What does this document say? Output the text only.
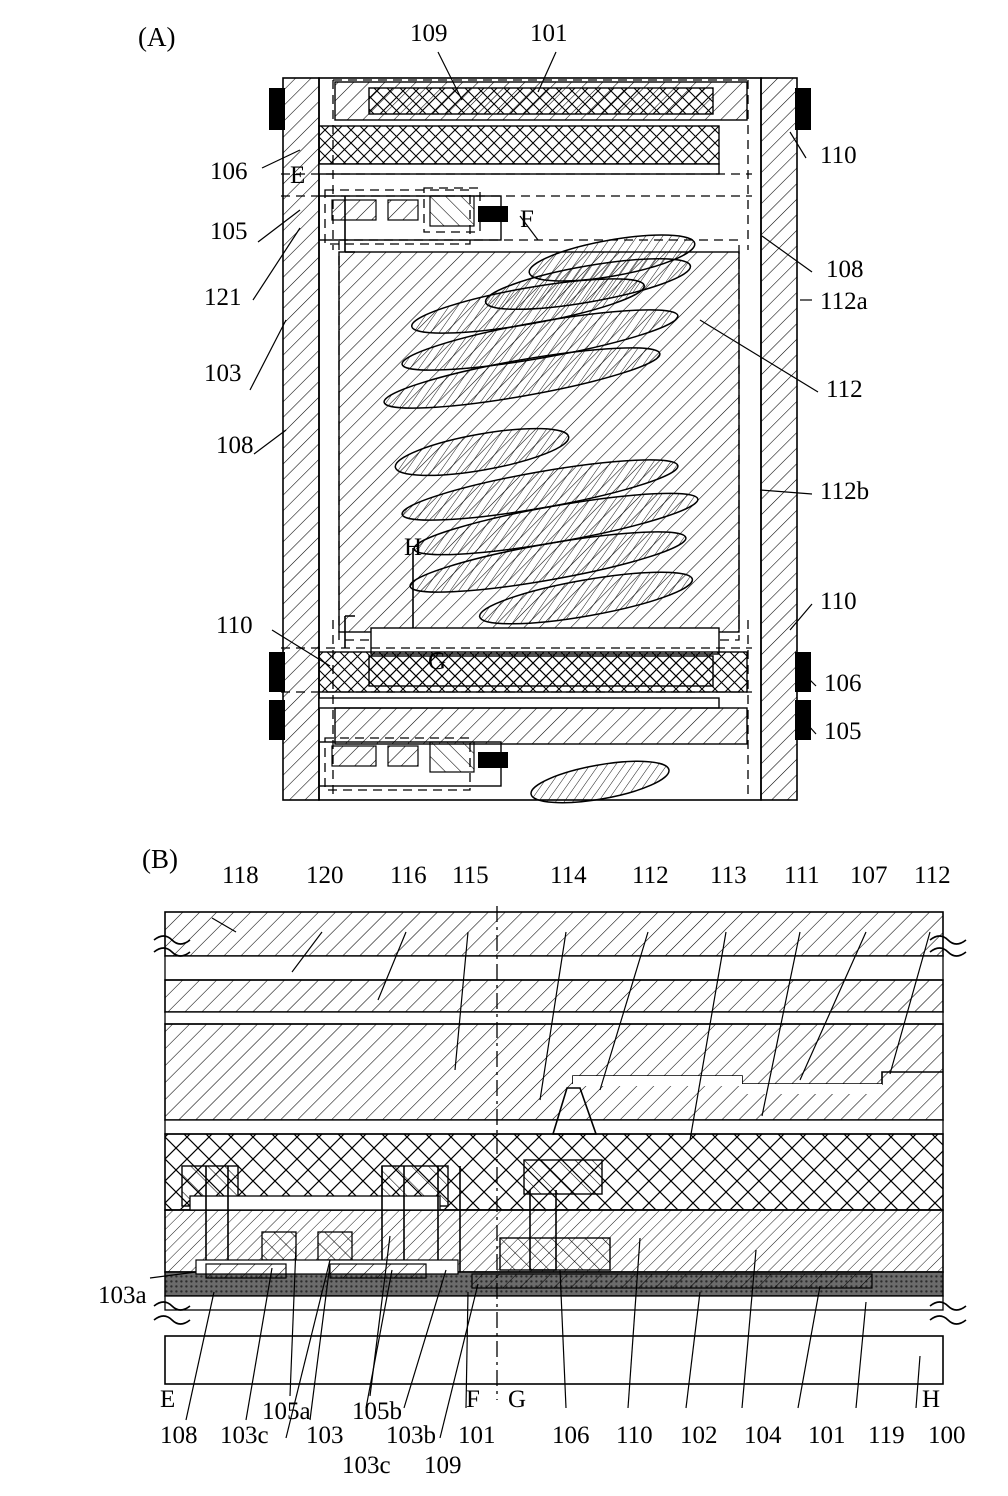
(A)	109	101
106
105
121
103
108
110
110
108
112a
112
112b
110
106
105
E
F
G
H
(B)
118 120 116 115 114 112 113 111 107 112
103a
E	F G	H
108 103c 103 103b 101 106 110 102 104 101 119 100
105a 105b
103c 109
